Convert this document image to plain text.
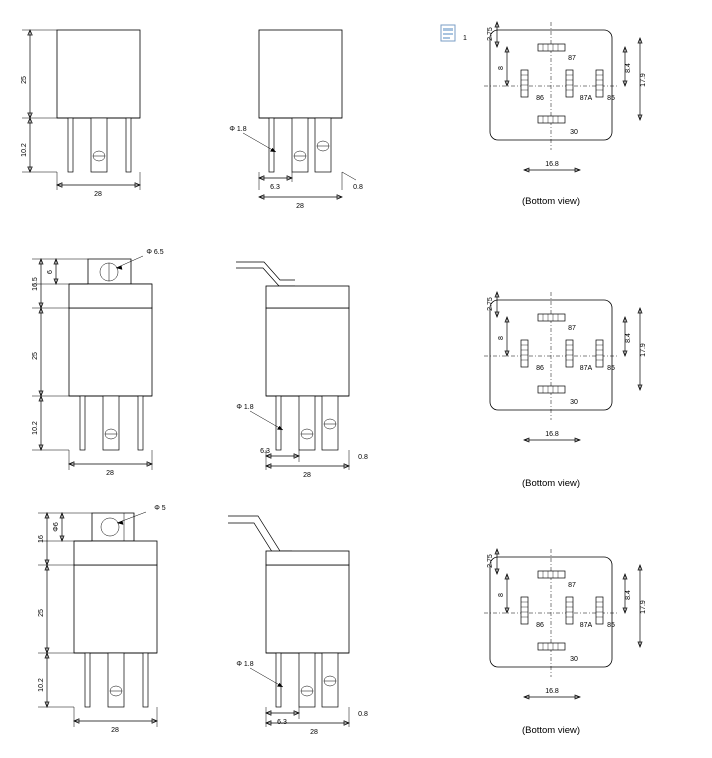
25
10.2
28
Φ 1.8
6.3
28
0.8
87
86	87A 85
30
2.75
8	8.4
17.9
16.8
(Bottom view)
1
Φ 6.5
6
16.5
25
10.2
28
Φ 1.8
6.3
28
0.8
87
86	87A 85
30
2.75
8	8.4
17.9
16.8
(Bottom view)
Φ 5
Φ6
16
25
10.2
28
Φ 1.8
6.3
28
0.8
87
86	87A 85
30
2.75
8	8.4
17.9
16.8
(Bottom view)
